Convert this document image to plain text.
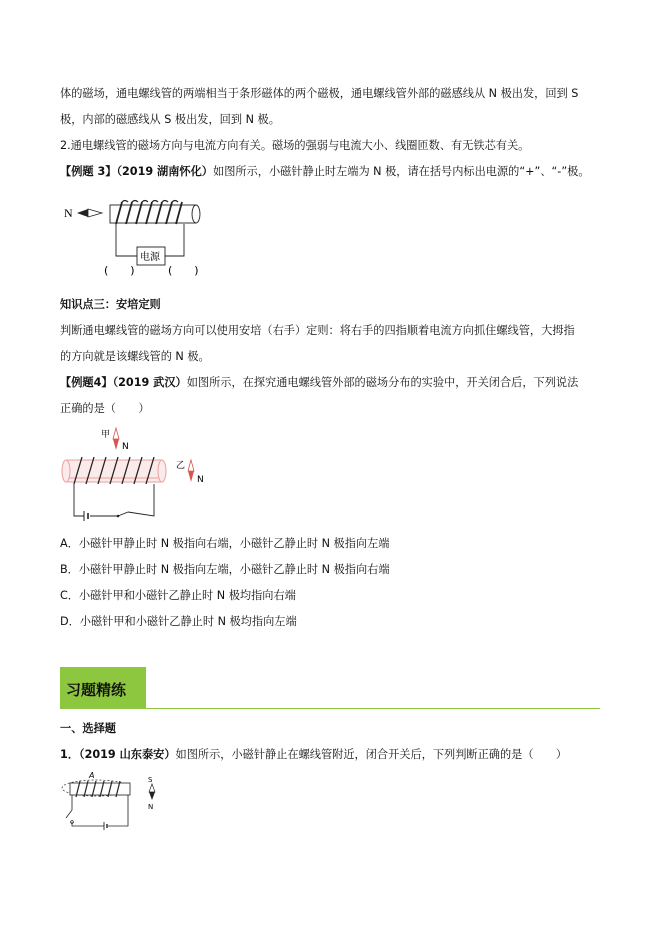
体的磁场，通电螺线管的两端相当于条形磁体的两个磁极，通电螺线管外部的磁感线从 N 极出发，回到 S
极，内部的磁感线从 S 极出发，回到 N 极。
2.通电螺线管的磁场方向与电流方向有关。磁场的强弱与电流大小、线圈匝数、有无铁芯有关。
【例题 3】（2019 湖南怀化）如图所示，小磁针静止时左端为 N 极，请在括号内标出电源的“+”、“-”极。
N
电源
(　　)	(　　)
知识点三：安培定则
判断通电螺线管的磁场方向可以使用安培（右手）定则：将右手的四指顺着电流方向抓住螺线管，大拇指
的方向就是该螺线管的 N 极。
【例题4】（2019 武汉）如图所示，在探究通电螺线管外部的磁场分布的实验中，开关闭合后，下列说法
正确的是（　　）
甲
N
乙
N
A．小磁针甲静止时 N 极指向右端，小磁针乙静止时 N 极指向左端
B．小磁针甲静止时 N 极指向左端，小磁针乙静止时 N 极指向右端
C．小磁针甲和小磁针乙静止时 N 极均指向右端
D．小磁针甲和小磁针乙静止时 N 极均指向左端
习题精练
一、选择题
1．（2019 山东泰安）如图所示，小磁针静止在螺线管附近，闭合开关后，下列判断正确的是（　　）
A	S
N
